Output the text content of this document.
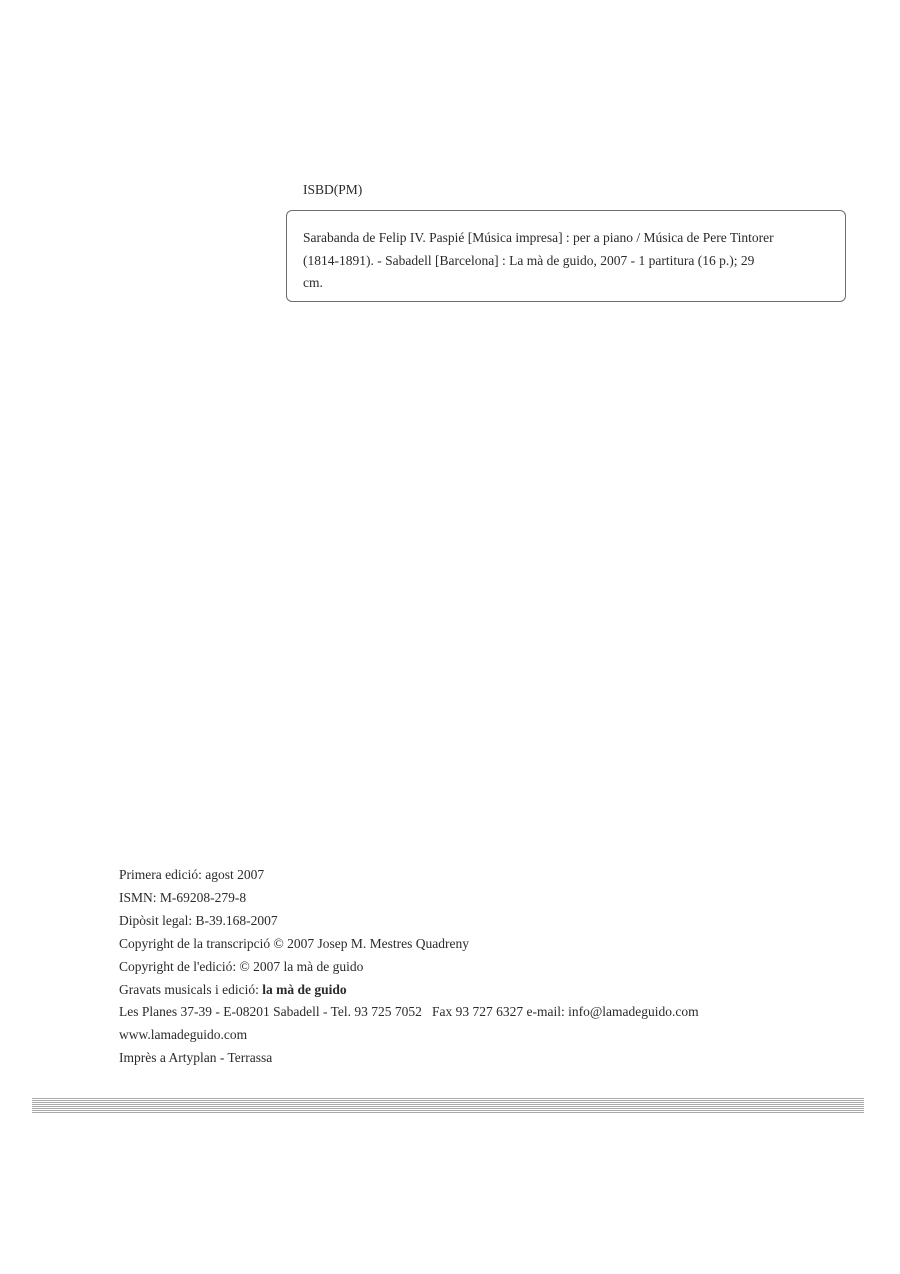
ISBD(PM)
Sarabanda de Felip IV. Paspié [Música impresa] : per a piano / Música de Pere Tintorer
(1814-1891). - Sabadell [Barcelona] : La mà de guido, 2007 - 1 partitura (16 p.); 29
cm.
Primera edició: agost 2007
ISMN: M-69208-279-8
Dipòsit legal: B-39.168-2007
Copyright de la transcripció © 2007 Josep M. Mestres Quadreny
Copyright de l'edició: © 2007 la mà de guido
Gravats musicals i edició: la mà de guido
Les Planes 37-39 - E-08201 Sabadell - Tel. 93 725 7052   Fax 93 727 6327 e-mail: info@lamadeguido.com
www.lamadeguido.com
Imprès a Artyplan - Terrassa
